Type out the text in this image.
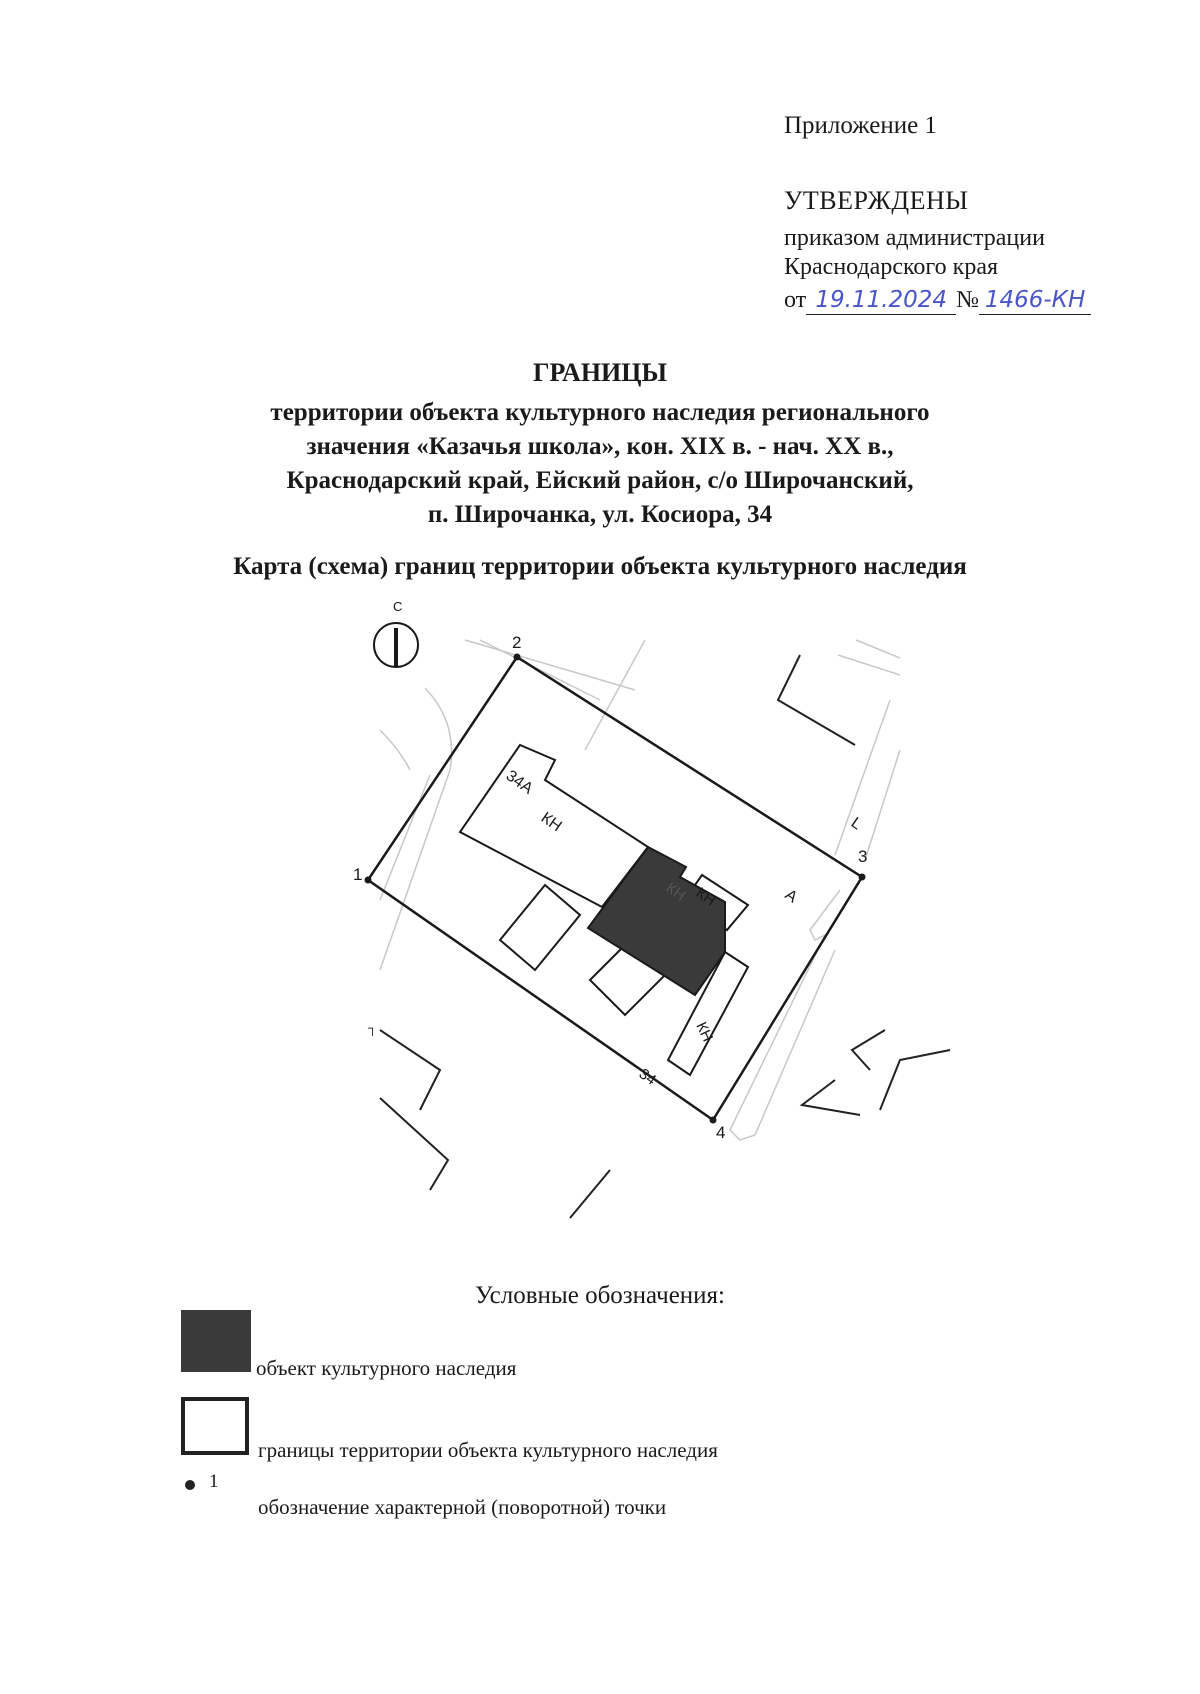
Приложение 1
УТВЕРЖДЕНЫ
приказом администрации
Краснодарского края
от 19.11.2024 № 1466-КН
ГРАНИЦЫ
территории объекта культурного наследия регионального
значения «Казачья школа», кон. XIX в. - нач. XX в.,
Краснодарский край, Ейский район, с/о Широчанский,
п. Широчанка, ул. Косиора, 34
Карта (схема) границ территории объекта культурного наследия
1
2
3
4
34А
КН
КН КН
КН
34
А
L
┐
С
Условные обозначения:
объект культурного наследия
границы территории объекта культурного наследия
1
обозначение характерной (поворотной) точки
